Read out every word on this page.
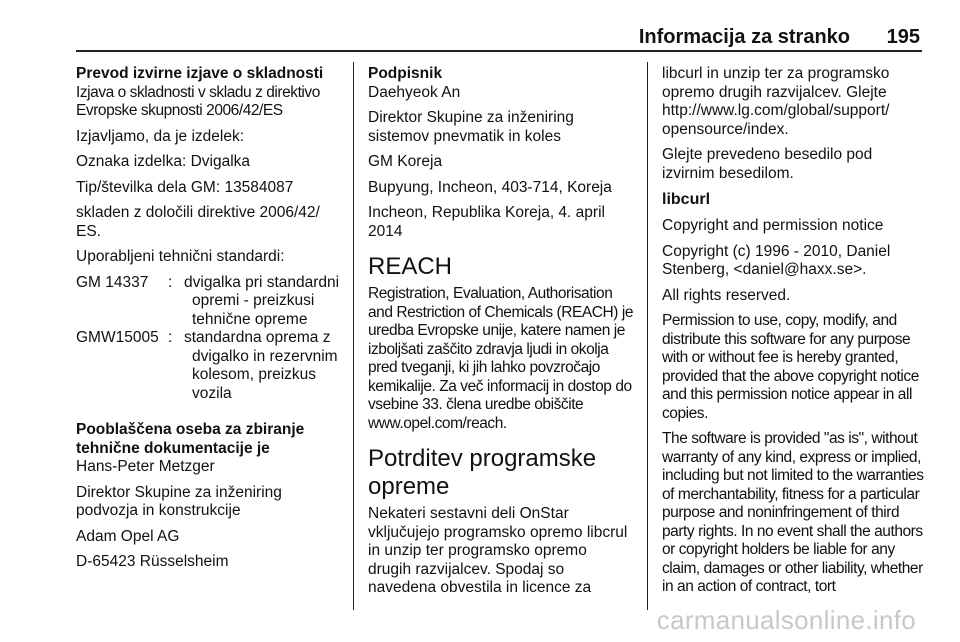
Informacija za stranko 195

Prevod izvirne izjave o skladnosti

Izjava o skladnosti v skladu z direktivo Evropske skupnosti 2006/42/ES

Izjavljamo, da je izdelek:

Oznaka izdelka: Dvigalka

Tip/številka dela GM: 13584087

skladen z določili direktive 2006/42/ ES.

Uporabljeni tehnični standardi:

GM 14337	: dvigalka pri standardni opremi - preizkusi tehnične opreme
GMW15005 : standardna oprema z dvigalko in rezervnim kolesom, preizkus vozila

Pooblaščena oseba za zbiranje tehnične dokumentacije je

Hans-Peter Metzger

Direktor Skupine za inženiring podvozja in konstrukcije

Adam Opel AG

D-65423 Rüsselsheim

Podpisnik

Daehyeok An

Direktor Skupine za inženiring sistemov pnevmatik in koles

GM Koreja

Bupyung, Incheon, 403-714, Koreja

Incheon, Republika Koreja, 4. april 2014

REACH

Registration, Evaluation, Authorisation and Restriction of Chemicals (REACH) je uredba Evropske unije, katere namen je izboljšati zaščito zdravja ljudi in okolja pred tveganji, ki jih lahko povzročajo kemikalije. Za več informacij in dostop do vsebine 33. člena uredbe obiščite www.opel.com/reach.

Potrditev programske opreme

Nekateri sestavni deli OnStar vključujejo programsko opremo libcrul in unzip ter programsko opremo drugih razvijalcev. Spodaj so navedena obvestila in licence za

libcurl in unzip ter za programsko opremo drugih razvijalcev. Glejte http://www.lg.com/global/support/ opensource/index.

Glejte prevedeno besedilo pod izvirnim besedilom.

libcurl

Copyright and permission notice

Copyright (c) 1996 - 2010, Daniel Stenberg, <daniel@haxx.se>.

All rights reserved.

Permission to use, copy, modify, and distribute this software for any purpose with or without fee is hereby granted, provided that the above copyright notice and this permission notice appear in all copies.

The software is provided "as is", without warranty of any kind, express or implied, including but not limited to the warranties of merchantability, fitness for a particular purpose and noninfringement of third party rights. In no event shall the authors or copyright holders be liable for any claim, damages or other liability, whether in an action of contract, tort

carmanualsonline.info
